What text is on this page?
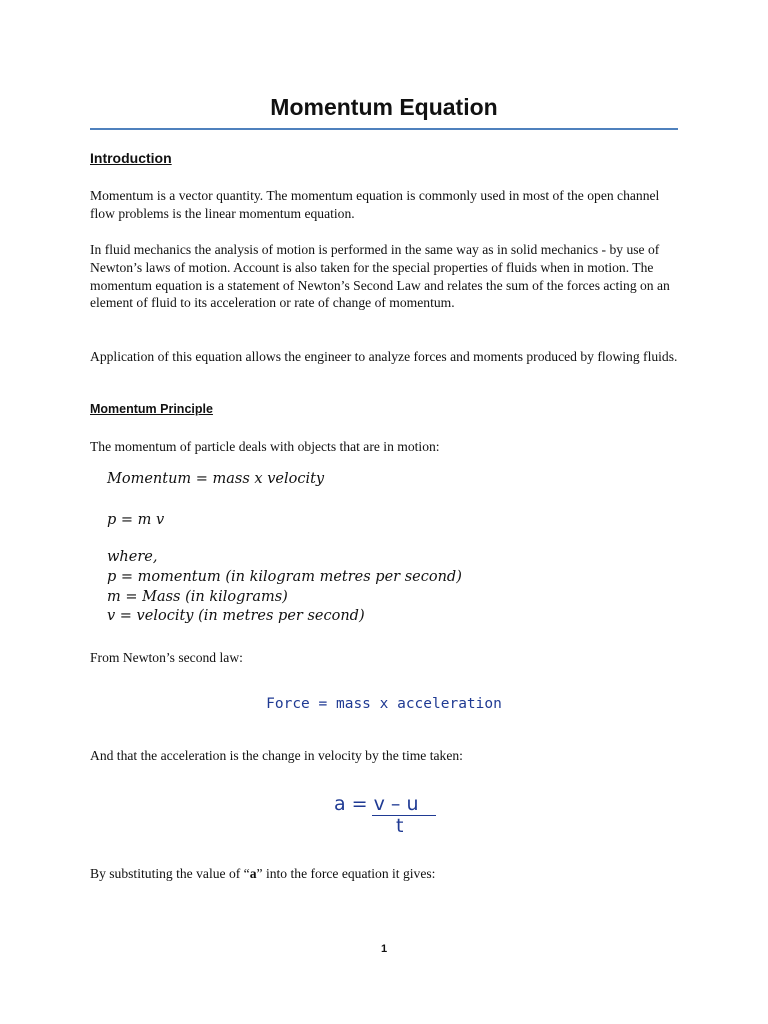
Momentum Equation
Introduction
Momentum is a vector quantity. The momentum equation is commonly used in most of the open channel flow problems is the linear momentum equation.
In fluid mechanics the analysis of motion is performed in the same way as in solid mechanics - by use of Newton’s laws of motion. Account is also taken for the special properties of fluids when in motion. The momentum equation is a statement of Newton’s Second Law and relates the sum of the forces acting on an element of fluid to its acceleration or rate of change of momentum.
Application of this equation allows the engineer to analyze forces and moments produced by flowing fluids.
Momentum Principle
The momentum of particle deals with objects that are in motion:
Momentum = mass x velocity
p = m v
where,
p = momentum (in kilogram metres per second)
m = Mass (in kilograms)
v = velocity (in metres per second)
From Newton’s second law:
Force = mass x acceleration
And that the acceleration is the change in velocity by the time taken:
a = v – u
t
By substituting the value of “a” into the force equation it gives:
1
